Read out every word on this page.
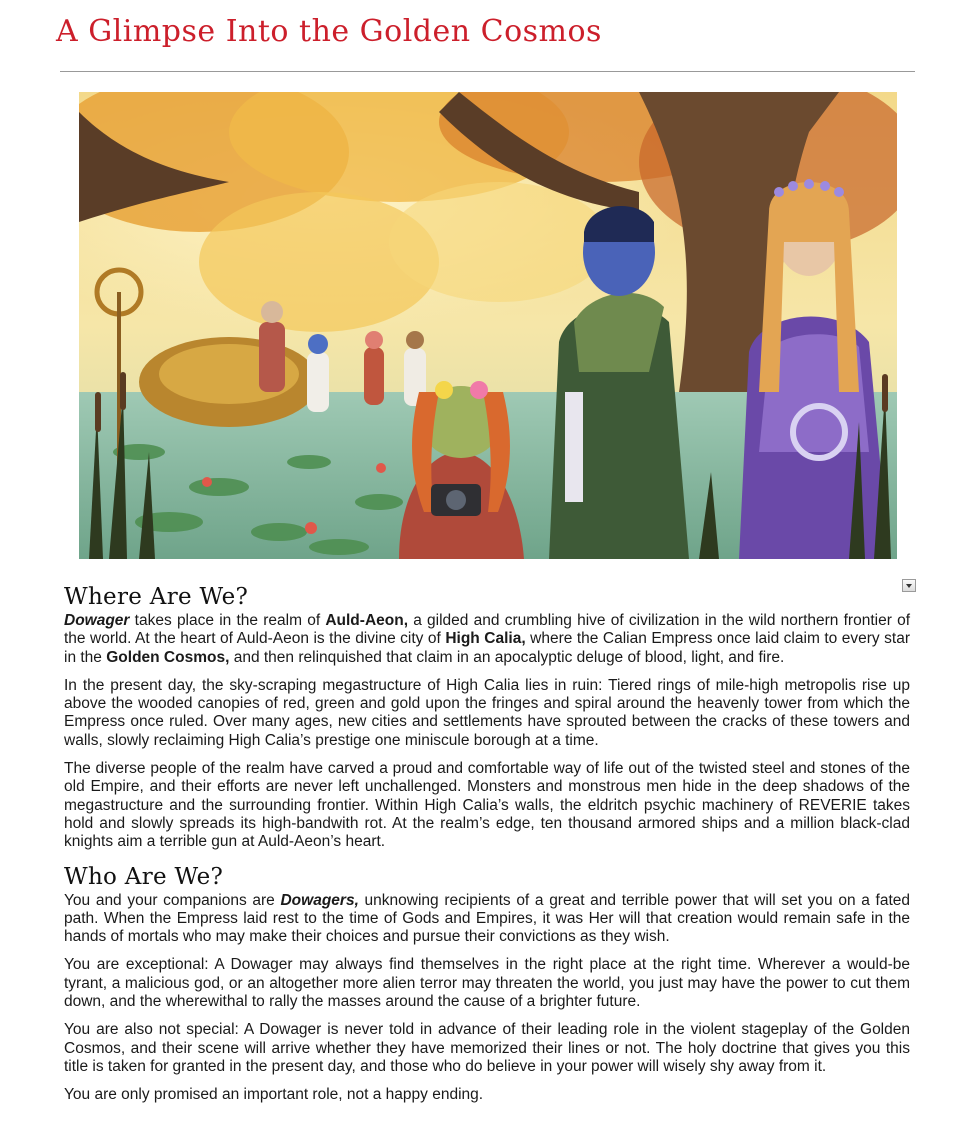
A Glimpse Into the Golden Cosmos
Where Are We?

Dowager takes place in the realm of Auld-Aeon, a gilded and crumbling hive of civilization in the wild northern frontier of the world. At the heart of Auld-Aeon is the divine city of High Calia, where the Calian Empress once laid claim to every star in the Golden Cosmos, and then relinquished that claim in an apocalyptic deluge of blood, light, and fire.

In the present day, the sky-scraping megastructure of High Calia lies in ruin: Tiered rings of mile-high metropolis rise up above the wooded canopies of red, green and gold upon the fringes and spiral around the heavenly tower from which the Empress once ruled. Over many ages, new cities and settlements have sprouted between the cracks of these towers and walls, slowly reclaiming High Calia’s prestige one miniscule borough at a time.

The diverse people of the realm have carved a proud and comfortable way of life out of the twisted steel and stones of the old Empire, and their efforts are never left unchallenged. Monsters and monstrous men hide in the deep shadows of the megastructure and the surrounding frontier. Within High Calia’s walls, the eldritch psychic machinery of REVERIE takes hold and slowly spreads its high-bandwith rot. At the realm’s edge, ten thousand armored ships and a million black-clad knights aim a terrible gun at Auld-Aeon’s heart.

Who Are We?

You and your companions are Dowagers, unknowing recipients of a great and terrible power that will set you on a fated path. When the Empress laid rest to the time of Gods and Empires, it was Her will that creation would remain safe in the hands of mortals who may make their choices and pursue their convictions as they wish.

You are exceptional: A Dowager may always find themselves in the right place at the right time. Wherever a would-be tyrant, a malicious god, or an altogether more alien terror may threaten the world, you just may have the power to cut them down, and the wherewithal to rally the masses around the cause of a brighter future.

You are also not special: A Dowager is never told in advance of their leading role in the violent stageplay of the Golden Cosmos, and their scene will arrive whether they have memorized their lines or not. The holy doctrine that gives you this title is taken for granted in the present day, and those who do believe in your power will wisely shy away from it.

You are only promised an important role, not a happy ending.
